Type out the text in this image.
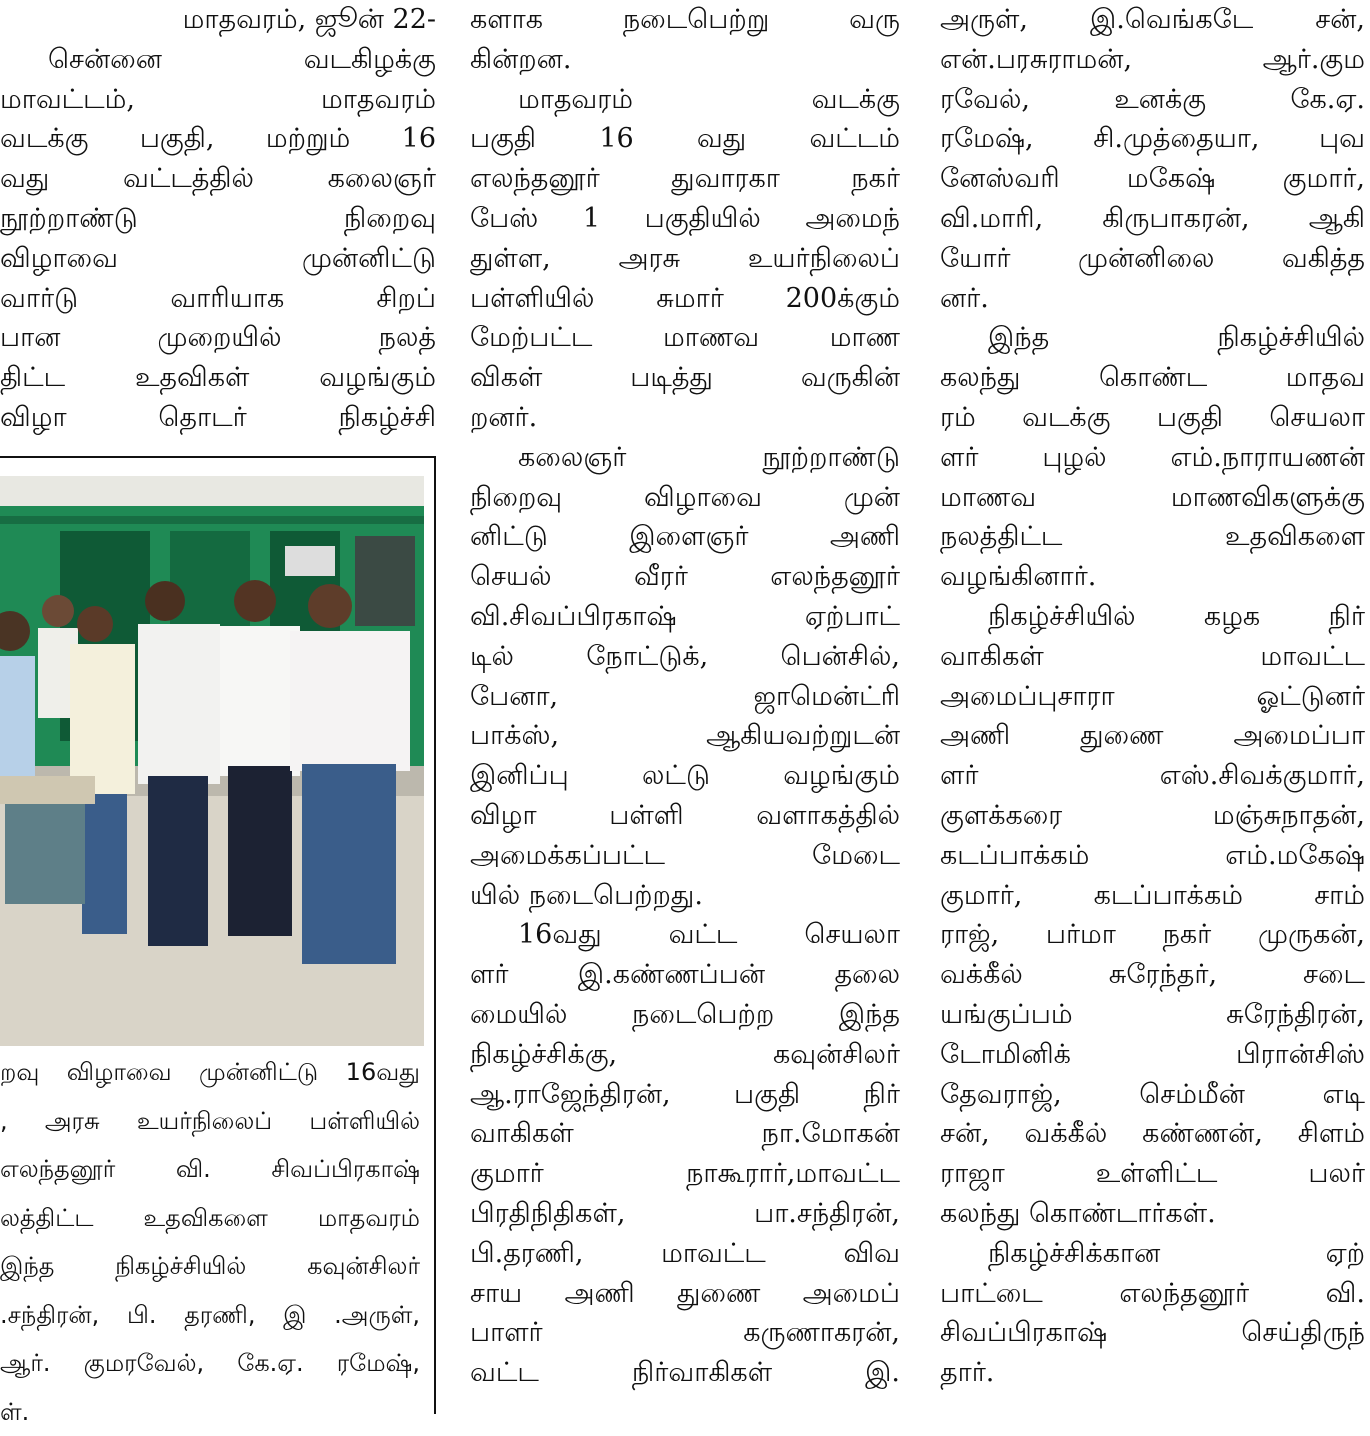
மாதவரம், ஜூன் 22-
சென்னை வடகிழக்கு
மாவட்டம், மாதவரம்
வடக்கு பகுதி, மற்றும் 16
வது வட்டத்தில் கலைஞர்
நூற்றாண்டு நிறைவு
விழாவை முன்னிட்டு
வார்டு வாரியாக சிறப்
பான முறையில் நலத்
திட்ட உதவிகள் வழங்கும்
விழா தொடர் நிகழ்ச்சி
றவு விழாவை முன்னிட்டு 16வது
, அரசு உயர்நிலைப் பள்ளியில்
எலந்தனூர் வி. சிவப்பிரகாஷ்
லத்திட்ட உதவிகளை மாதவரம்
இந்த நிகழ்ச்சியில் கவுன்சிலர்
.சந்திரன், பி. தரணி, இ .அருள்,
ஆர். குமரவேல், கே.ஏ. ரமேஷ்,
ள்.
களாக நடைபெற்று வரு
கின்றன.
மாதவரம் வடக்கு
பகுதி 16 வது வட்டம்
எலந்தனூர் துவாரகா நகர்
பேஸ் 1 பகுதியில் அமைந்
துள்ள, அரசு உயர்நிலைப்
பள்ளியில் சுமார் 200க்கும்
மேற்பட்ட மாணவ மாண
விகள் படித்து வருகின்
றனர்.
கலைஞர் நூற்றாண்டு
நிறைவு விழாவை முன்
னிட்டு இளைஞர் அணி
செயல் வீரர் எலந்தனூர்
வி.சிவப்பிரகாஷ் ஏற்பாட்
டில் நோட்டுக், பென்சில்,
பேனா, ஜாமென்ட்ரி
பாக்ஸ், ஆகியவற்றுடன்
இனிப்பு லட்டு வழங்கும்
விழா பள்ளி வளாகத்தில்
அமைக்கப்பட்ட மேடை
யில் நடைபெற்றது.
16வது வட்ட செயலா
ளர் இ.கண்ணப்பன் தலை
மையில் நடைபெற்ற இந்த
நிகழ்ச்சிக்கு, கவுன்சிலர்
ஆ.ராஜேந்திரன், பகுதி நிர்
வாகிகள் நா.மோகன்
குமார் நாகூரார்,மாவட்ட
பிரதிநிதிகள், பா.சந்திரன்,
பி.தரணி, மாவட்ட விவ
சாய அணி துணை அமைப்
பாளர் கருணாகரன்,
வட்ட நிர்வாகிகள் இ.
அருள், இ.வெங்கடே சன்,
என்.பரசுராமன், ஆர்.கும
ரவேல், உனக்கு கே.ஏ.
ரமேஷ், சி.முத்தையா, புவ
னேஸ்வரி மகேஷ் குமார்,
வி.மாரி, கிருபாகரன், ஆகி
யோர் முன்னிலை வகித்த
னர்.
இந்த நிகழ்ச்சியில்
கலந்து கொண்ட மாதவ
ரம் வடக்கு பகுதி செயலா
ளர் புழல் எம்.நாராயணன்
மாணவ மாணவிகளுக்கு
நலத்திட்ட உதவிகளை
வழங்கினார்.
நிகழ்ச்சியில் கழக நிர்
வாகிகள் மாவட்ட
அமைப்புசாரா ஓட்டுனர்
அணி துணை அமைப்பா
ளர் எஸ்.சிவக்குமார்,
குளக்கரை மஞ்சுநாதன்,
கடப்பாக்கம் எம்.மகேஷ்
குமார், கடப்பாக்கம் சாம்
ராஜ், பர்மா நகர் முருகன்,
வக்கீல் சுரேந்தர், சடை
யங்குப்பம் சுரேந்திரன்,
டோமினிக் பிரான்சிஸ்
தேவராஜ், செம்மீன் எடி
சன், வக்கீல் கண்ணன், சிளம்
ராஜா உள்ளிட்ட பலர்
கலந்து கொண்டார்கள்.
நிகழ்ச்சிக்கான ஏற்
பாட்டை எலந்தனூர் வி.
சிவப்பிரகாஷ் செய்திருந்
தார்.
